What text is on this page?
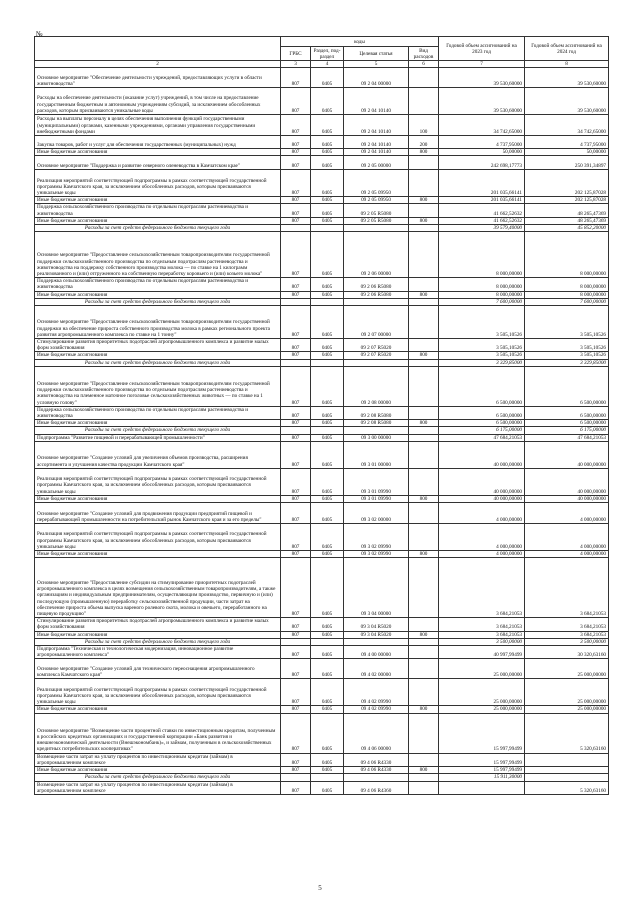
№
	коды				Годовой объем ассигнований на 2023 год	Годовой объем ассигнований на 2024 год
	ГРБС	Раздел, под-раздел	Целевая статья	Вид расходов		
2	3	4	5	6	7	8
Основное мероприятие "Обеспечение деятельности учреждений, предоставляющих услуги в области животноводства"	807	0405	09 2 04 00000		39 530,60000	39 530,60000
Расходы на обеспечение деятельности (оказание услуг) учреждений, в том числе на предоставление государственным бюджетным и автономным учреждениям субсидий, за исключением обособленных расходов, которым присваиваются уникальные коды	807	0405	09 2 04 10140		39 530,60000	39 530,60000
Расходы на выплаты персоналу в целях обеспечения выполнения функций государственными (муниципальными) органами, казенными учреждениями, органами управления государственными внебюджетными фондами	807	0405	09 2 04 10140	100	34 742,65000	34 742,65000
Закупка товаров, работ и услуг для обеспечения государственных (муниципальных) нужд	807	0405	09 2 04 10140	200	4 737,95000	4 737,95000
Иные бюджетные ассигнования	807	0405	09 2 04 10140	800	50,00000	50,00000
Основное мероприятие "Поддержка и развитие северного оленеводства в Камчатском крае"	807	0405	09 2 05 00000		242 698,17773	250 391,34897
Реализация мероприятий соответствующей подпрограммы в рамках соответствующей государственной программы Камчатского края, за исключением обособленных расходов, которым присваиваются уникальные коды	807	0405	09 2 05 09950		201 035,66141	202 125,87028
Иные бюджетные ассигнования	807	0405	09 2 05 09950	800	201 035,66141	202 125,87028
Поддержка сельскохозяйственного производства по отдельным подотраслям растениеводства и животноводства	807	0405	09 2 05 R5080		41 662,52632	48 265,47369
Иные бюджетные ассигнования	807	0405	09 2 05 R5080	800	41 662,52632	48 265,47369
Расходы за счет средств федерального бюджета текущего года					39 579,40000	45 852,20000
Основное мероприятие "Предоставление сельскохозяйственным товаропроизводителям государственной поддержки сельскохозяйственного производства по отдельным подотраслям растениеводства и животноводства на поддержку собственного производства молока — по ставке на 1 килограмм реализованного и (или) отгруженного на собственную переработку коровьего и (или) козьего молока"	807	0405	09 2 06 00000		8 000,00000	8 000,00000
Поддержка сельскохозяйственного производства по отдельным подотраслям растениеводства и животноводства	807	0405	09 2 06 R5080		8 000,00000	8 000,00000
Иные бюджетные ассигнования	807	0405	09 2 06 R5080	800	8 000,00000	8 000,00000
Расходы за счет средств федерального бюджета текущего года					7 600,00000	7 600,00000
Основное мероприятие "Предоставление сельскохозяйственным товаропроизводителям государственной поддержки на обеспечение прироста собственного производства молока в рамках регионального проекта развития агропромышленного комплекса по ставке на 1 тонну"	807	0405	09 2 07 00000		3 505,10526	3 505,10526
Стимулирование развития приоритетных подотраслей агропромышленного комплекса и развитие малых форм хозяйствования	807	0405	09 2 07 R5020		3 505,10526	3 505,10526
Иные бюджетные ассигнования	807	0405	09 2 07 R5020	800	3 505,10526	3 505,10526
Расходы за счет средств федерального бюджета текущего года					3 329,85000	3 329,85000
Основное мероприятие "Предоставление сельскохозяйственным товаропроизводителям государственной поддержки сельскохозяйственного производства по отдельным подотраслям растениеводства и животноводства на племенное маточное поголовье сельскохозяйственных животных — по ставке на 1 условную голову"	807	0405	09 2 08 00000		6 500,00000	6 500,00000
Поддержка сельскохозяйственного производства по отдельным подотраслям растениеводства и животноводства	807	0405	09 2 08 R5080		6 500,00000	6 500,00000
Иные бюджетные ассигнования	807	0405	09 2 08 R5080	800	6 500,00000	6 500,00000
Расходы за счет средств федерального бюджета текущего года					6 175,00000	6 175,00000
Подпрограмма "Развитие пищевой и перерабатывающей промышленности"	807	0405	09 3 00 00000		47 684,21053	47 684,21053
Основное мероприятие "Создание условий для увеличения объемов производства, расширения ассортимента и улучшения качества продукции Камчатского края"	807	0405	09 3 01 00000		40 000,00000	40 000,00000
Реализация мероприятий соответствующей подпрограммы в рамках соответствующей государственной программы Камчатского края, за исключением обособленных расходов, которым присваиваются уникальные коды	807	0405	09 3 01 09990		40 000,00000	40 000,00000
Иные бюджетные ассигнования	807	0405	09 3 01 09990	800	40 000,00000	40 000,00000
Основное мероприятие "Создание условий для продвижения продукции предприятий пищевой и перерабатывающей промышленности на потребительский рынок Камчатского края и за его пределы"	807	0405	09 3 02 00000		4 000,00000	4 000,00000
Реализация мероприятий соответствующей подпрограммы в рамках соответствующей государственной программы Камчатского края, за исключением обособленных расходов, которым присваиваются уникальные коды	807	0405	09 3 02 09990		4 000,00000	4 000,00000
Иные бюджетные ассигнования	807	0405	09 3 02 09990	800	4 000,00000	4 000,00000
Основное мероприятие "Предоставление субсидии на стимулирование приоритетных подотраслей агропромышленного комплекса в целях возмещения сельскохозяйственным товаропроизводителям, а также организациям и индивидуальным предпринимателям, осуществляющим производство, первичную и (или) последующую (промышленную) переработку сельскохозяйственной продукции, части затрат на обеспечение прироста объема выпуска вареного ролевого скота, молока и овечьего, переработанного на пищевую продукцию"	807	0405	09 3 04 00000		3 684,21053	3 684,21053
Стимулирование развития приоритетных подотраслей агропромышленного комплекса и развитие малых форм хозяйствования	807	0405	09 3 04 R5020		3 684,21053	3 684,21053
Иные бюджетные ассигнования	807	0405	09 3 04 R5020	800	3 684,21053	3 684,21053
Расходы за счет средств федерального бюджета текущего года					3 500,00000	3 500,00000
Подпрограмма "Техническая и технологическая модернизация, инновационное развитие агропромышленного комплекса"	807	0405	09 4 00 00000		40 997,99499	30 320,63160
Основное мероприятие "Создание условий для технического переоснащения агропромышленного комплекса Камчатского края"	807	0405	09 4 02 00000		25 000,00000	25 000,00000
Реализация мероприятий соответствующей подпрограммы в рамках соответствующей государственной программы Камчатского края, за исключением обособленных расходов, которым присваиваются уникальные коды	807	0405	09 4 02 09990		25 000,00000	25 000,00000
Иные бюджетные ассигнования	807	0405	09 4 02 09990	800	25 000,00000	25 000,00000
Основное мероприятие "Возмещение части процентной ставки по инвестиционным кредитам, полученным в российских кредитных организациях и государственной корпорации «Банк развития и внешнеэкономической деятельности (Внешэкономбанк)», и займам, полученным в сельскохозяйственных кредитных потребительских кооперативах"	807	0405	09 4 06 00000		15 997,99499	5 320,63160
Возмещение части затрат на уплату процентов по инвестиционным кредитам (займам) в агропромышленном комплексе	807	0405	09 4 06 R4330		15 997,99499	
Иные бюджетные ассигнования	807	0405	09 4 06 R4330	800	15 997,99499	
Расходы за счет средств федерального бюджета текущего года					15 911,30000	
Возмещение части затрат на уплату процентов по инвестиционным кредитам (займам) в агропромышленном комплексе	807	0405	09 4 06 R4360			5 320,63160
5
